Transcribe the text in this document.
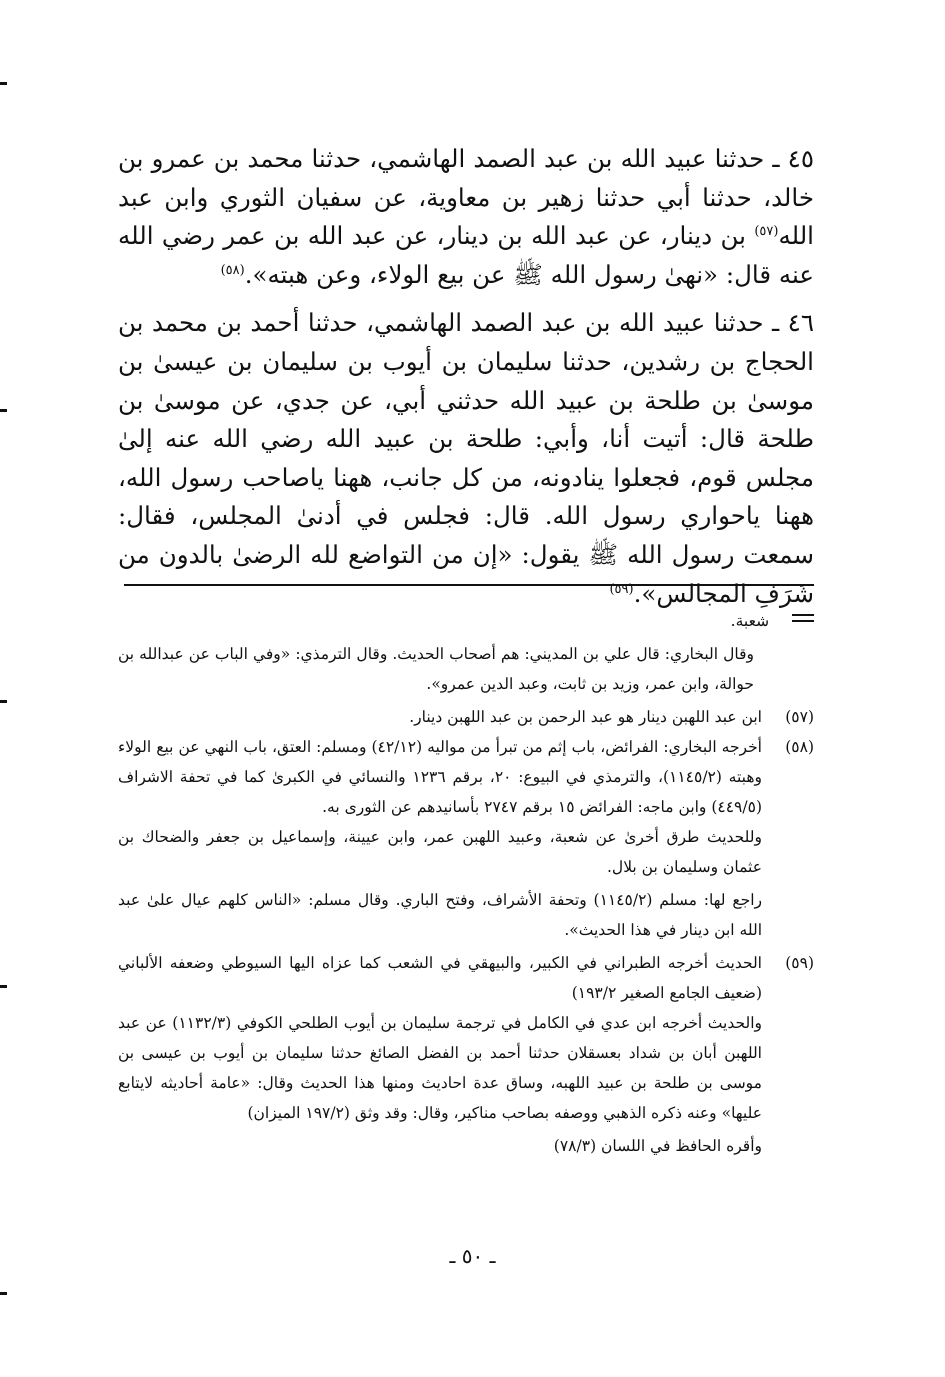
٤٥ ـ حدثنا عبيد الله بن عبد الصمد الهاشمي، حدثنا محمد بن عمرو بن خالد، حدثنا أبي حدثنا زهير بن معاوية، عن سفيان الثوري وابن عبد الله$^{(٥٧)}$ بن دينار، عن عبد الله بن دينار، عن عبد الله بن عمر رضي الله عنه قال: «نهىٰ رسول الله ﷺ عن بيع الولاء، وعن هبته».$^{(٥٨)}$

٤٦ ـ حدثنا عبيد الله بن عبد الصمد الهاشمي، حدثنا أحمد بن محمد بن الحجاج بن رشدين، حدثنا سليمان بن أيوب بن سليمان بن عيسىٰ بن موسىٰ بن طلحة بن عبيد الله حدثني أبي، عن جدي، عن موسىٰ بن طلحة قال: أتيت أنا، وأبي: طلحة بن عبيد الله رضي الله عنه إلىٰ مجلس قوم، فجعلوا ينادونه، من كل جانب، ههنا ياصاحب رسول الله، ههنا ياحواري رسول الله. قال: فجلس في أدنىٰ المجلس، فقال: سمعت رسول الله ﷺ يقول: «إن من التواضع لله الرضىٰ بالدون من شَرَفِ المجالس».$^{(٥٩)}$

شعبة.

وقال البخاري: قال علي بن المديني: هم أصحاب الحديث. وقال الترمذي: «وفي الباب عن عبدالله بن حوالة، وابن عمر، وزيد بن ثابت، وعبد الدين عمرو».

(٥٧)
ابن عبد اللهبن دينار هو عبد الرحمن بن عبد اللهبن دينار.
(٥٨)
أخرجه البخاري: الفرائض، باب إثم من تبرأ من مواليه (٤٢/١٢) ومسلم: العتق، باب النهي عن بيع الولاء وهبته (١١٤٥/٢)، والترمذي في البيوع: ٢٠، برقم ١٢٣٦ والنسائي في الكبرىٰ كما في تحفة الاشراف (٤٤٩/٥) وابن ماجه: الفرائض ١٥ برقم ٢٧٤٧ بأسانيدهم عن الثورى به.

وللحديث طرق أخرىٰ عن شعبة، وعبيد اللهبن عمر، وابن عيينة، وإسماعيل بن جعفر والضحاك بن عثمان وسليمان بن بلال.

راجع لها: مسلم (١١٤٥/٢) وتحفة الأشراف، وفتح الباري. وقال مسلم: «الناس كلهم عيال علىٰ عبد الله ابن دينار في هذا الحديث».

(٥٩)
الحديث أخرجه الطبراني في الكبير، والبيهقي في الشعب كما عزاه اليها السيوطي وضعفه الألباني (ضعيف الجامع الصغير ١٩٣/٢)

والحديث أخرجه ابن عدي في الكامل في ترجمة سليمان بن أيوب الطلحي الكوفي (١١٣٢/٣) عن عبد اللهبن أبان بن شداد بعسقلان حدثنا أحمد بن الفضل الصائغ حدثنا سليمان بن أيوب بن عيسى بن موسى بن طلحة بن عبيد اللهبه، وساق عدة احاديث ومنها هذا الحديث وقال: «عامة أحاديثه لايتابع عليها» وعنه ذكره الذهبي ووصفه بصاحب مناكير، وقال: وقد وثق (١٩٧/٢ الميزان)

وأقره الحافظ في اللسان (٧٨/٣)

ـ ٥٠ ـ
